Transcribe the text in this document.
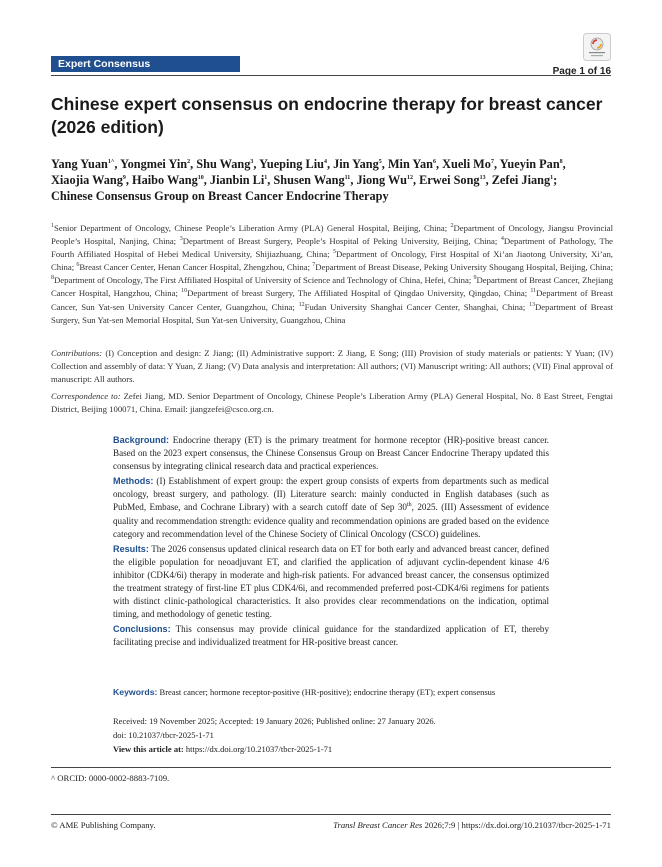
Expert Consensus
Page 1 of 16
Chinese expert consensus on endocrine therapy for breast cancer (2026 edition)
Yang Yuan$^{1\^{}}$, Yongmei Yin$^2$, Shu Wang$^3$, Yueping Liu$^4$, Jin Yang$^5$, Min Yan$^6$, Xueli Mo$^7$, Yueyin Pan$^8$,
Xiaojia Wang$^9$, Haibo Wang$^{10}$, Jianbin Li$^1$, Shusen Wang$^{11}$, Jiong Wu$^{12}$, Erwei Song$^{13}$, Zefei Jiang$^1$;
Chinese Consensus Group on Breast Cancer Endocrine Therapy

$^1$Senior Department of Oncology, Chinese People’s Liberation Army (PLA) General Hospital, Beijing, China; $^2$Department of Oncology, Jiangsu Provincial People’s Hospital, Nanjing, China; $^3$Department of Breast Surgery, People’s Hospital of Peking University, Beijing, China; $^4$Department of Pathology, The Fourth Affiliated Hospital of Hebei Medical University, Shijiazhuang, China; $^5$Department of Oncology, First Hospital of Xi’an Jiaotong University, Xi’an, China; $^6$Breast Cancer Center, Henan Cancer Hospital, Zhengzhou, China; $^7$Department of Breast Disease, Peking University Shougang Hospital, Beijing, China; $^8$Department of Oncology, The First Affiliated Hospital of University of Science and Technology of China, Hefei, China; $^9$Department of Breast Cancer, Zhejiang Cancer Hospital, Hangzhou, China; $^{10}$Department of breast Surgery, The Affiliated Hospital of Qingdao University, Qingdao, China; $^{11}$Department of Breast Cancer, Sun Yat-sen University Cancer Center, Guangzhou, China; $^{12}$Fudan University Shanghai Cancer Center, Shanghai, China; $^{13}$Department of Breast Surgery, Sun Yat-sen Memorial Hospital, Sun Yat-sen University, Guangzhou, China

Contributions: (I) Conception and design: Z Jiang; (II) Administrative support: Z Jiang, E Song; (III) Provision of study materials or patients: Y Yuan; (IV) Collection and assembly of data: Y Yuan, Z Jiang; (V) Data analysis and interpretation: All authors; (VI) Manuscript writing: All authors; (VII) Final approval of manuscript: All authors.

Correspondence to: Zefei Jiang, MD. Senior Department of Oncology, Chinese People’s Liberation Army (PLA) General Hospital, No. 8 East Street, Fengtai District, Beijing 100071, China. Email: jiangzefei@csco.org.cn.

Background: Endocrine therapy (ET) is the primary treatment for hormone receptor (HR)-positive breast cancer. Based on the 2023 expert consensus, the Chinese Consensus Group on Breast Cancer Endocrine Therapy updated this consensus by integrating clinical research data and practical experiences.

Methods: (I) Establishment of expert group: the expert group consists of experts from departments such as medical oncology, breast surgery, and pathology. (II) Literature search: mainly conducted in English databases (such as PubMed, Embase, and Cochrane Library) with a search cutoff date of Sep 30th, 2025. (III) Assessment of evidence quality and recommendation strength: evidence quality and recommendation opinions are graded based on the evidence category and recommendation level of the Chinese Society of Clinical Oncology (CSCO) guidelines.

Results: The 2026 consensus updated clinical research data on ET for both early and advanced breast cancer, defined the eligible population for neoadjuvant ET, and clarified the application of adjuvant cyclin-dependent kinase 4/6 inhibitor (CDK4/6i) therapy in moderate and high-risk patients. For advanced breast cancer, the consensus optimized the treatment strategy of first-line ET plus CDK4/6i, and recommended preferred post-CDK4/6i regimens for patients with distinct clinic-pathological characteristics. It also provides clear recommendations on the indication, optimal timing, and methodology of genetic testing.

Conclusions: This consensus may provide clinical guidance for the standardized application of ET, thereby facilitating precise and individualized treatment for HR-positive breast cancer.

Keywords: Breast cancer; hormone receptor-positive (HR-positive); endocrine therapy (ET); expert consensus

Received: 19 November 2025; Accepted: 19 January 2026; Published online: 27 January 2026.
doi: 10.21037/tbcr-2025-1-71
View this article at: https://dx.doi.org/10.21037/tbcr-2025-1-71
^ ORCID: 0000-0002-8883-7109.
© AME Publishing Company.	Transl Breast Cancer Res 2026;7:9 | https://dx.doi.org/10.21037/tbcr-2025-1-71
